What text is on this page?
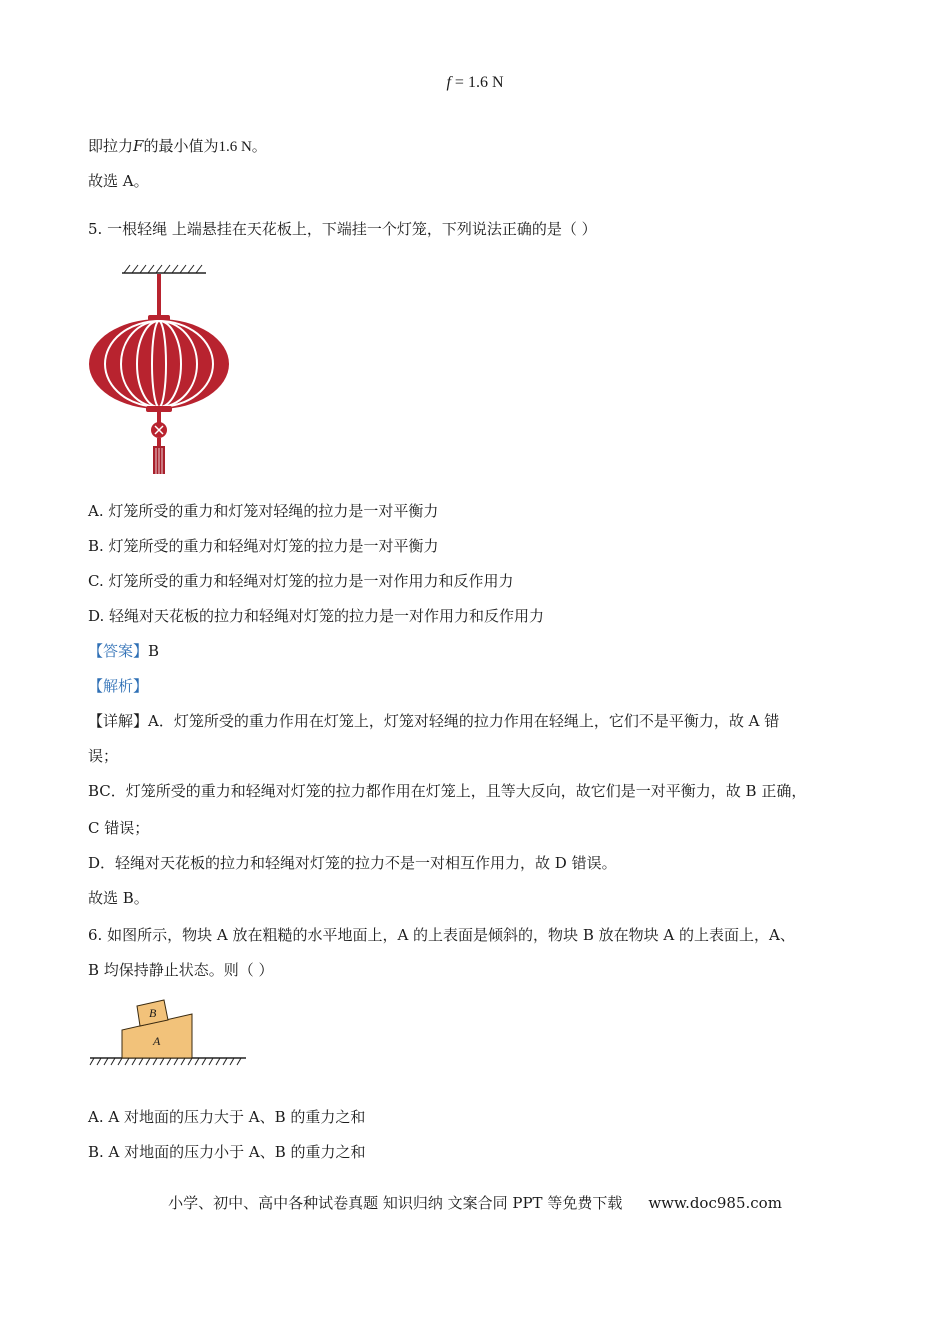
f = 1.6 N
即拉力F的最小值为1.6 N。
故选 A。
5. 一根轻绳 上端悬挂在天花板上，下端挂一个灯笼，下列说法正确的是（ ）
A. 灯笼所受的重力和灯笼对轻绳的拉力是一对平衡力
B. 灯笼所受的重力和轻绳对灯笼的拉力是一对平衡力
C. 灯笼所受的重力和轻绳对灯笼的拉力是一对作用力和反作用力
D. 轻绳对天花板的拉力和轻绳对灯笼的拉力是一对作用力和反作用力
【答案】B
【解析】
【详解】A．灯笼所受的重力作用在灯笼上，灯笼对轻绳的拉力作用在轻绳上，它们不是平衡力，故 A 错
误；
BC．灯笼所受的重力和轻绳对灯笼的拉力都作用在灯笼上，且等大反向，故它们是一对平衡力，故 B 正确，
C 错误；
D．轻绳对天花板的拉力和轻绳对灯笼的拉力不是一对相互作用力，故 D 错误。
故选 B。
6. 如图所示，物块 A 放在粗糙的水平地面上，A 的上表面是倾斜的，物块 B 放在物块 A 的上表面上，A、
B 均保持静止状态。则（ ）
A
B
A. A 对地面的压力大于 A、B 的重力之和
B. A 对地面的压力小于 A、B 的重力之和
小学、初中、高中各种试卷真题 知识归纳 文案合同 PPT 等免费下载 www.doc985.com
